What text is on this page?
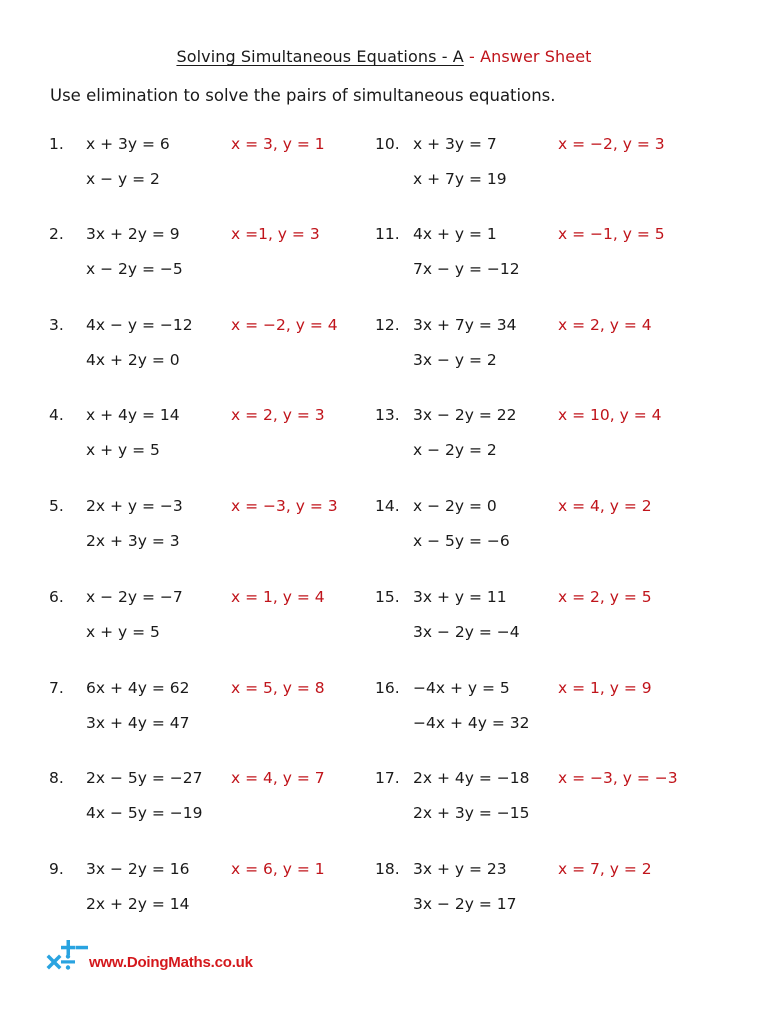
Solving Simultaneous Equations - A - Answer Sheet
Use elimination to solve the pairs of simultaneous equations.
1. x + 3y = 6
x − y = 2
x = 3, y = 1
2. 3x + 2y = 9
x − 2y = −5
x =1, y = 3
3. 4x − y = −12
4x + 2y = 0
x = −2, y = 4
4. x + 4y = 14
x + y = 5
x = 2, y = 3
5. 2x + y = −3
2x + 3y = 3
x = −3, y = 3
6. x − 2y = −7
x + y = 5
x = 1, y = 4
7. 6x + 4y = 62
3x + 4y = 47
x = 5, y = 8
8. 2x − 5y = −27
4x − 5y = −19
x = 4, y = 7
9. 3x − 2y = 16
2x + 2y = 14
x = 6, y = 1
10. x + 3y = 7
x + 7y = 19
x = −2, y = 3
11. 4x + y = 1
7x − y = −12
x = −1, y = 5
12. 3x + 7y = 34
3x − y = 2
x = 2, y = 4
13. 3x − 2y = 22
x − 2y = 2
x = 10, y = 4
14. x − 2y = 0
x − 5y = −6
x = 4, y = 2
15. 3x + y = 11
3x − 2y = −4
x = 2, y = 5
16. −4x + y = 5
−4x + 4y = 32
x = 1, y = 9
17. 2x + 4y = −18
2x + 3y = −15
x = −3, y = −3
18. 3x + y = 23
3x − 2y = 17
x = 7, y = 2
www.DoingMaths.co.uk
